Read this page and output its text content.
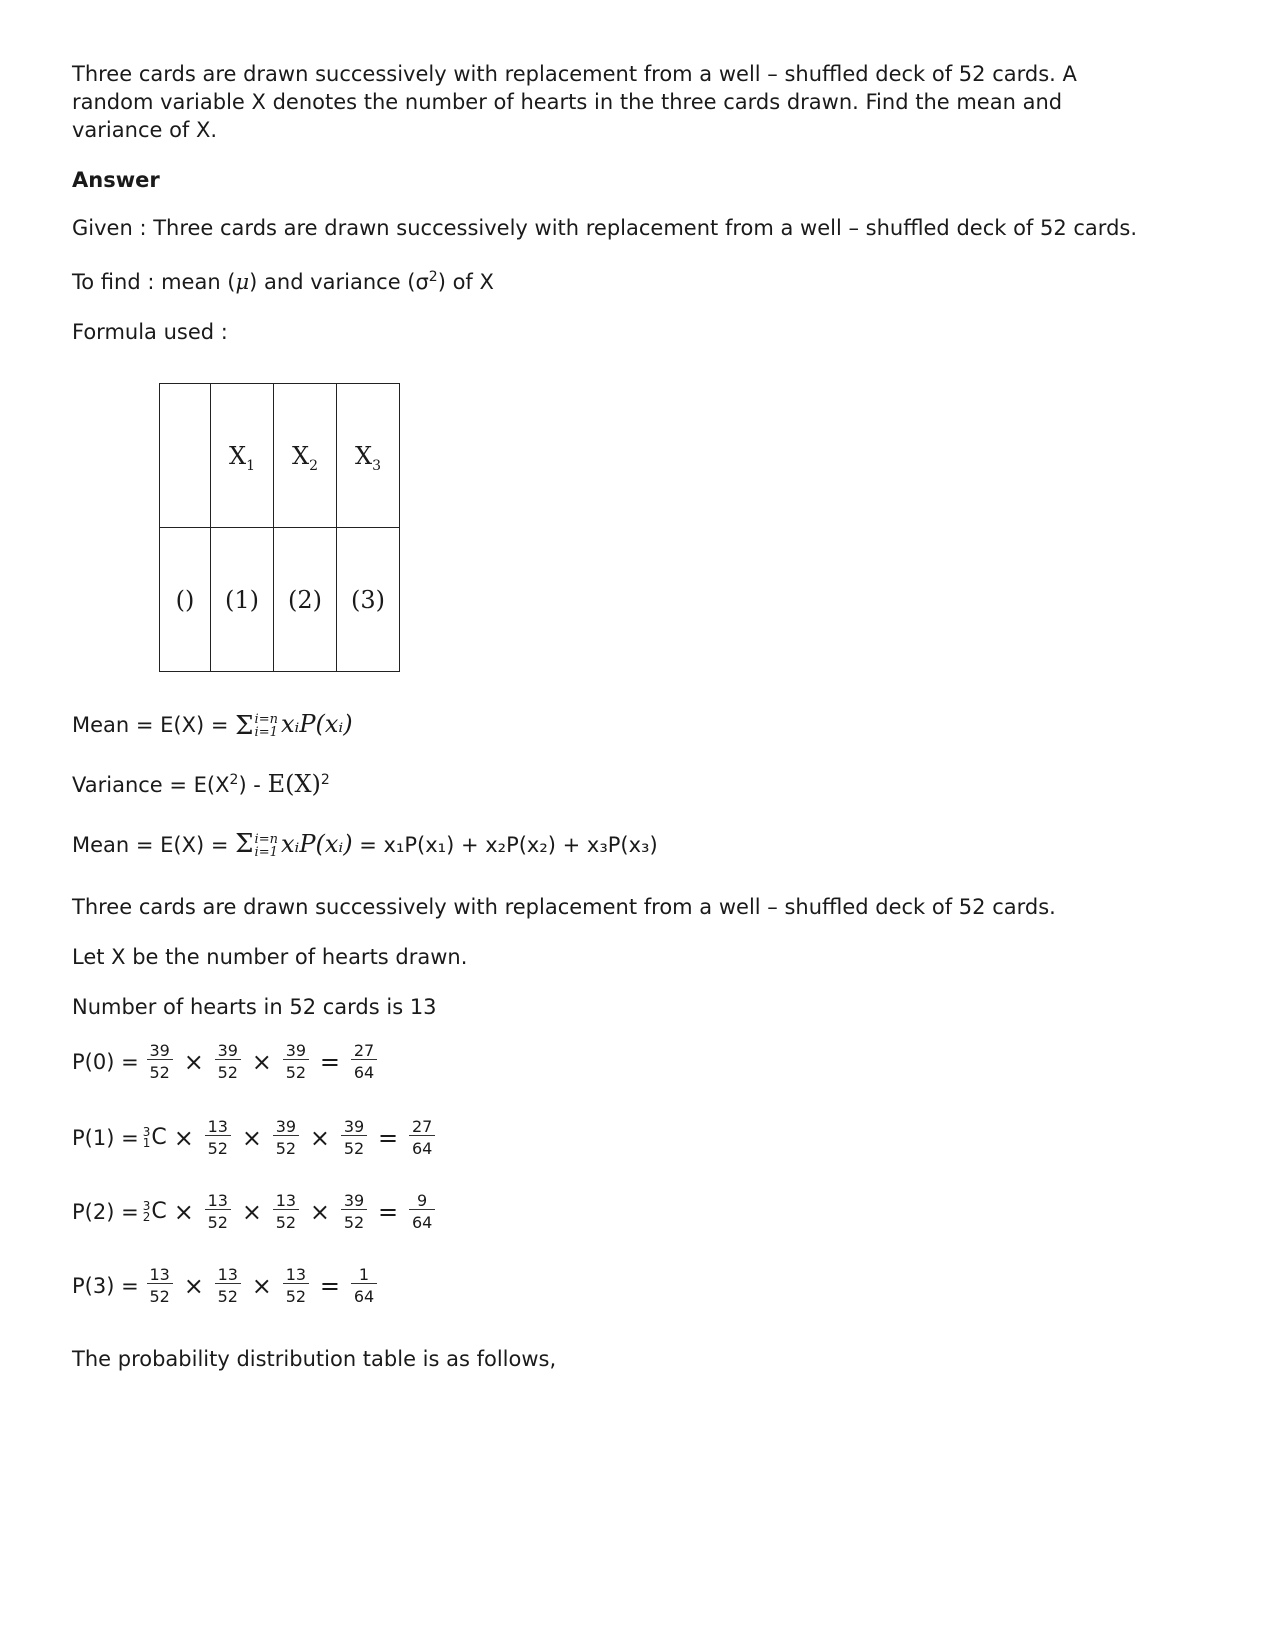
Three cards are drawn successively with replacement from a well – shuffled deck of 52 cards. A random variable X denotes the number of hearts in the three cards drawn. Find the mean and variance of X.

Answer

Given : Three cards are drawn successively with replacement from a well – shuffled deck of 52 cards.

To find : mean (μ) and variance $(\sigma^2)$ of X

Formula used :

	$X_1$	$X_2$	$X_3$
()	(1)	(2)	(3)

Mean = E(X) = Σ i=n
i=1 xᵢP(xᵢ)

Variance = $E(X^2) - E(X)^2$

Mean = E(X) = Σ i=n
i=1 xᵢP(xᵢ) = x₁P(x₁) + x₂P(x₂) + x₃P(x₃)

Three cards are drawn successively with replacement from a well – shuffled deck of 52 cards.

Let X be the number of hearts drawn.

Number of hearts in 52 cards is 13

$P(0) = \frac{39}{52} \times \frac{39}{52} \times \frac{39}{52} = \frac{27}{64}$
P(1) = 3
1 $C \times \frac{13}{52} \times \frac{39}{52} \times \frac{39}{52} = \frac{27}{64}$
P(2) = 3
2 $C \times \frac{13}{52} \times \frac{13}{52} \times \frac{39}{52} = \frac{9}{64}$
$P(3) = \frac{13}{52} \times \frac{13}{52} \times \frac{13}{52} = \frac{1}{64}$

The probability distribution table is as follows,
